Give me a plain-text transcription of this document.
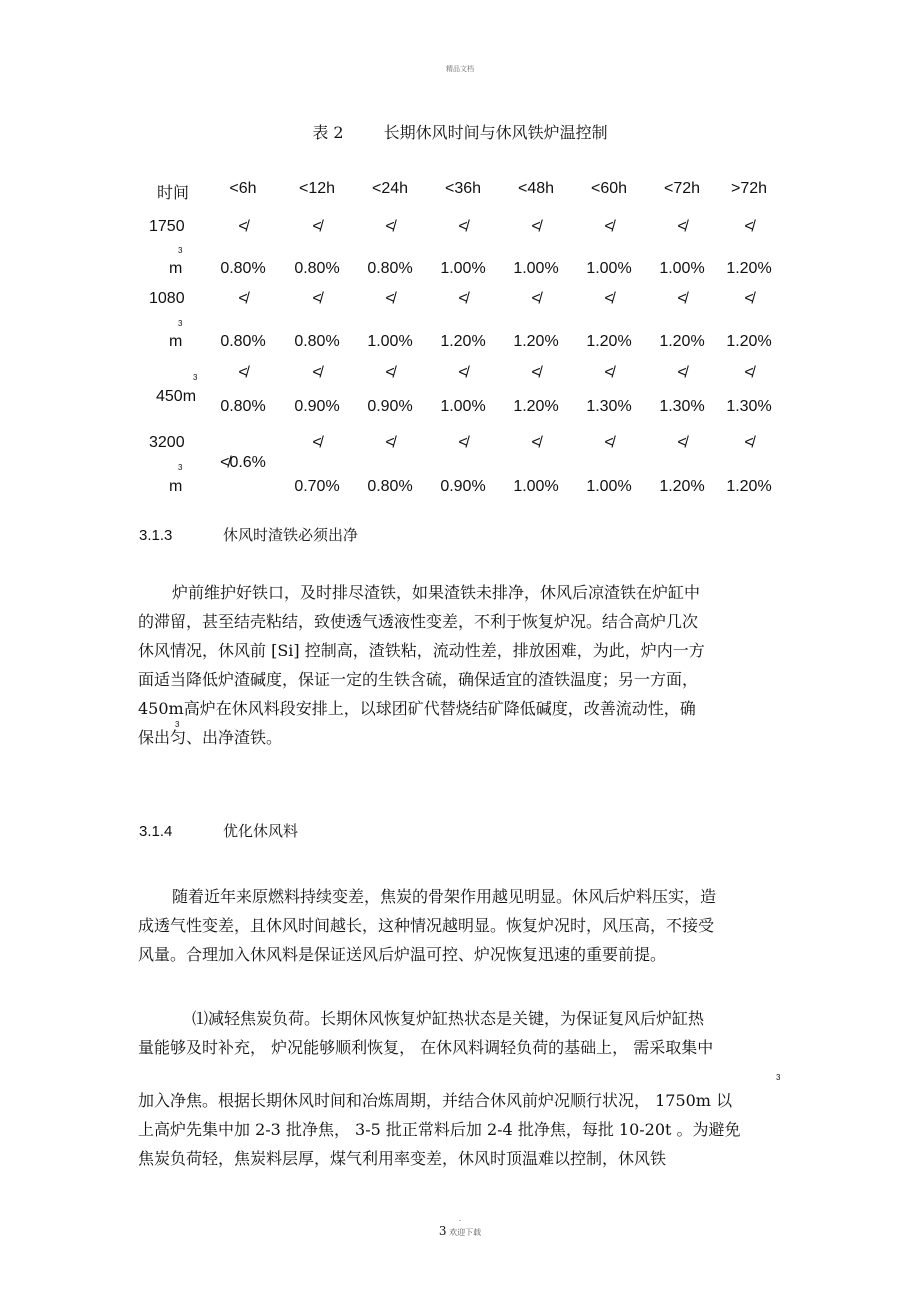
精品文档
表 2	长期休风时间与休风铁炉温控制
时间	<6h	<12h <24h <36h <48h <60h <72h >72h
1750	≮	≮	≮	≮	≮	≮	≮	≮
3
m 0.80% 0.80% 0.80% 1.00% 1.00% 1.00% 1.00% 1.20%
1080	≮	≮	≮	≮	≮	≮	≮	≮
3
m 0.80% 0.80% 1.00% 1.20% 1.20% 1.20% 1.20% 1.20%
3	≮	≮	≮	≮	≮	≮	≮	≮
450m
0.80% 0.90% 0.90% 1.00% 1.20% 1.30% 1.30% 1.30%
3200	≮	≮	≮	≮	≮	≮	≮
≮0.6%
3
m	0.70% 0.80% 0.90% 1.00% 1.00% 1.20% 1.20%
3.1.3	休风时渣铁必须出净
3
炉前维护好铁口，及时排尽渣铁，如果渣铁未排净，休风后凉渣铁在炉缸中
的滞留，甚至结壳粘结，致使透气透液性变差，不利于恢复炉况。结合高炉几次
休风情况，休风前 [Si] 控制高，渣铁粘，流动性差，排放困难，为此，炉内一方
面适当降低炉渣碱度，保证一定的生铁含硫，确保适宜的渣铁温度；另一方面，
450m高炉在休风料段安排上，以球团矿代替烧结矿降低碱度，改善流动性，确
保出匀、出净渣铁。
3.1.4	优化休风料
随着近年来原燃料持续变差，焦炭的骨架作用越见明显。休风后炉料压实，造
成透气性变差，且休风时间越长，这种情况越明显。恢复炉况时，风压高，不接受
风量。合理加入休风料是保证送风后炉温可控、炉况恢复迅速的重要前提。
3
⑴减轻焦炭负荷。长期休风恢复炉缸热状态是关键，为保证复风后炉缸热
量能够及时补充， 炉况能够顺利恢复， 在休风料调轻负荷的基础上， 需采取集中
加入净焦。根据长期休风时间和冶炼周期，并结合休风前炉况顺行状况， 1750m 以
上高炉先集中加 2-3 批净焦， 3-5 批正常料后加 2-4 批净焦，每批 10-20t 。为避免
焦炭负荷轻，焦炭料层厚，煤气利用率变差，休风时顶温难以控制，休风铁
.
3 欢迎下载
